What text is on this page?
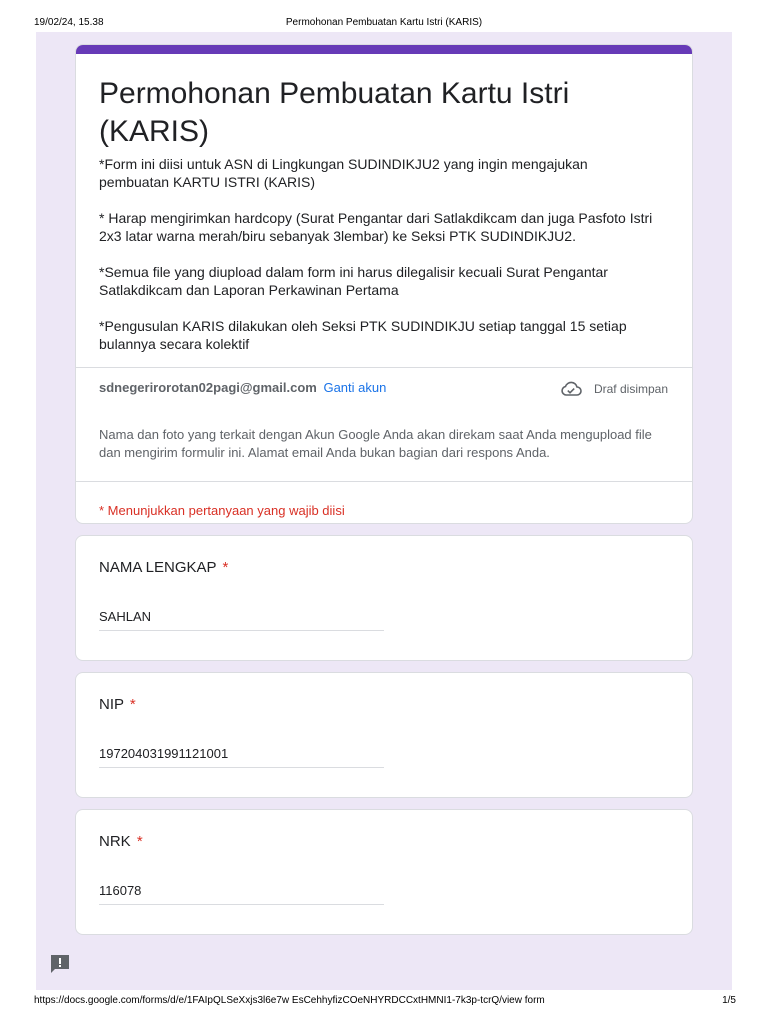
19/02/24, 15.38	Permohonan Pembuatan Kartu Istri (KARIS)
Permohonan Pembuatan Kartu Istri (KARIS)

*Form ini diisi untuk ASN di Lingkungan SUDINDIKJU2 yang ingin mengajukan pembuatan KARTU ISTRI (KARIS)

* Harap mengirimkan hardcopy (Surat Pengantar dari Satlakdikcam dan juga Pasfoto Istri 2x3 latar warna merah/biru sebanyak 3lembar) ke Seksi PTK SUDINDIKJU2.

*Semua file yang diupload dalam form ini harus dilegalisir kecuali Surat Pengantar Satlakdikcam dan Laporan Perkawinan Pertama

*Pengusulan KARIS dilakukan oleh Seksi PTK SUDINDIKJU setiap tanggal 15 setiap bulannya secara kolektif

sdnegerirorotan02pagi@gmail.com Ganti akun	Draf disimpan
Nama dan foto yang terkait dengan Akun Google Anda akan direkam saat Anda mengupload file dan mengirim formulir ini. Alamat email Anda bukan bagian dari respons Anda.
* Menunjukkan pertanyaan yang wajib diisi
NAMA LENGKAP *
SAHLAN
NIP *
197204031991121001
NRK *
116078
https://docs.google.com/forms/d/e/1FAIpQLSeXxjs3l6e7w EsCehhyfizCOeNHYRDCCxtHMNI1-7k3p-tcrQ/view form	1/5
